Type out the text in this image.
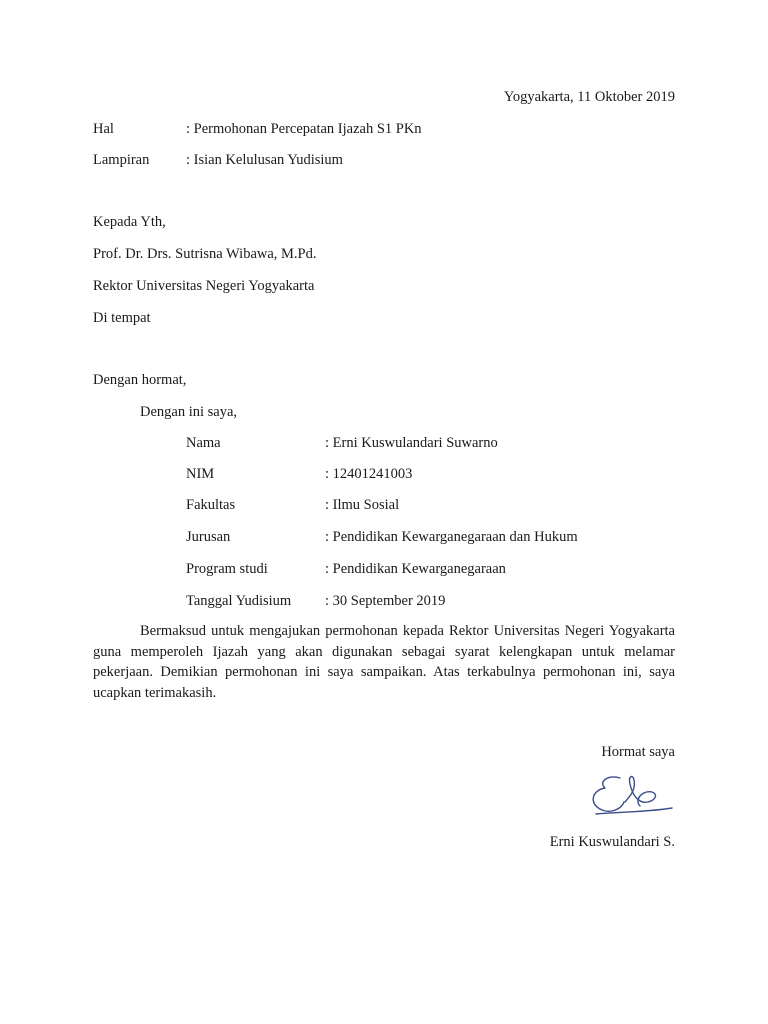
Yogyakarta, 11 Oktober 2019
Hal	: Permohonan Percepatan Ijazah S1 PKn
Lampiran	: Isian Kelulusan Yudisium
Kepada Yth,
Prof. Dr. Drs. Sutrisna Wibawa, M.Pd.
Rektor Universitas Negeri Yogyakarta
Di tempat
Dengan hormat,
Dengan ini saya,
Nama	: Erni Kuswulandari Suwarno
NIM	: 12401241003
Fakultas	: Ilmu Sosial
Jurusan	: Pendidikan Kewarganegaraan dan Hukum
Program studi	: Pendidikan Kewarganegaraan
Tanggal Yudisium : 30 September 2019
Bermaksud untuk mengajukan permohonan kepada Rektor Universitas Negeri Yogyakarta guna memperoleh Ijazah yang akan digunakan sebagai syarat kelengkapan untuk melamar pekerjaan. Demikian permohonan ini saya sampaikan. Atas terkabulnya permohonan ini, saya ucapkan terimakasih.
Hormat saya
Erni Kuswulandari S.
